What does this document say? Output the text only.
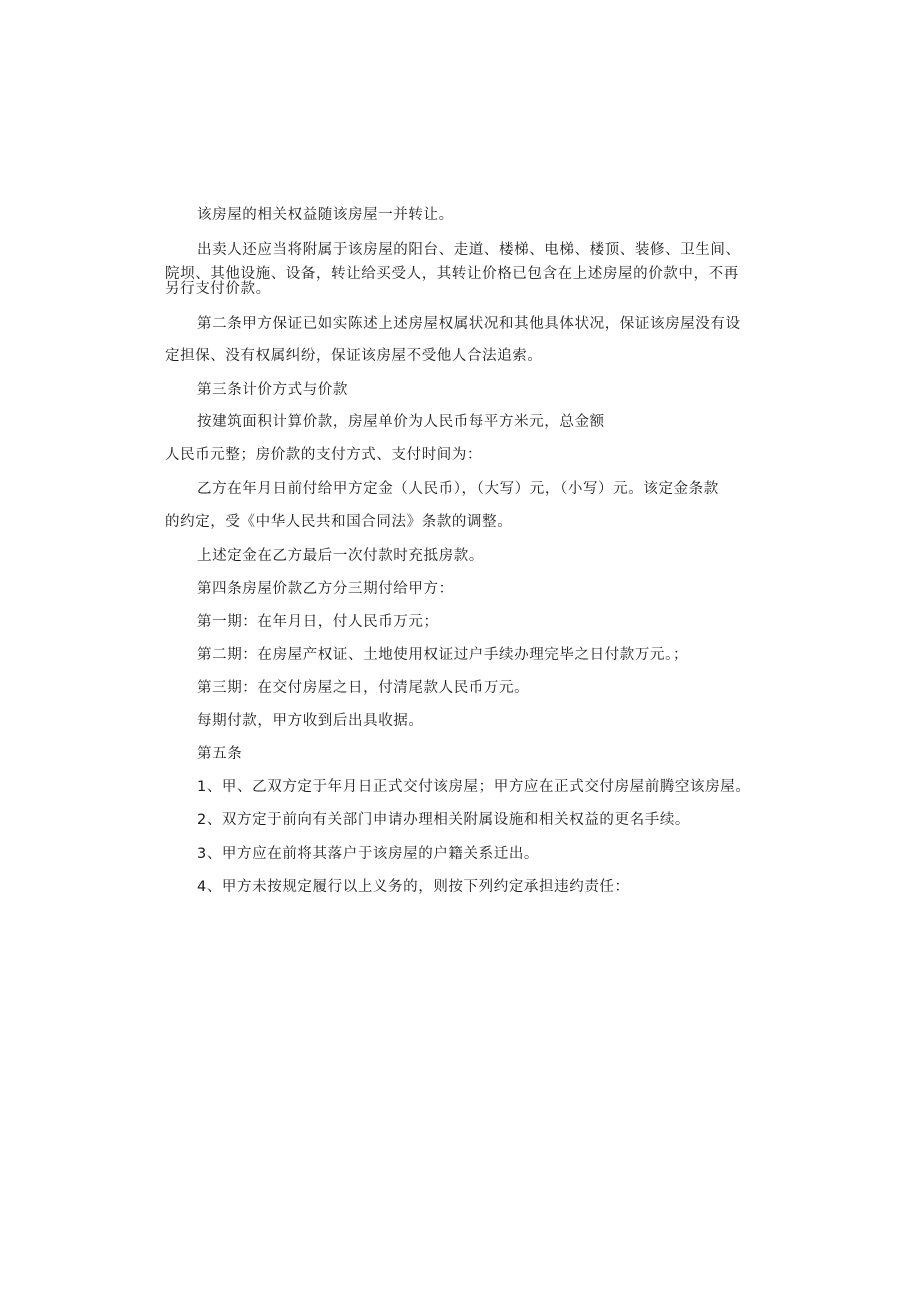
该房屋的相关权益随该房屋一并转让。
出卖人还应当将附属于该房屋的阳台、走道、楼梯、电梯、楼顶、装修、卫生间、
院坝、其他设施、设备，转让给买受人，其转让价格已包含在上述房屋的价款中，不再
另行支付价款。
第二条甲方保证已如实陈述上述房屋权属状况和其他具体状况，保证该房屋没有设
定担保、没有权属纠纷，保证该房屋不受他人合法追索。
第三条计价方式与价款
按建筑面积计算价款，房屋单价为人民币每平方米元，总金额
人民币元整；房价款的支付方式、支付时间为：
乙方在年月日前付给甲方定金（人民币），（大写）元，（小写）元。该定金条款
的约定，受《中华人民共和国合同法》条款的调整。
上述定金在乙方最后一次付款时充抵房款。
第四条房屋价款乙方分三期付给甲方：
第一期：在年月日，付人民币万元；
第二期：在房屋产权证、土地使用权证过户手续办理完毕之日付款万元。；
第三期：在交付房屋之日，付清尾款人民币万元。
每期付款，甲方收到后出具收据。
第五条
1、甲、乙双方定于年月日正式交付该房屋；甲方应在正式交付房屋前腾空该房屋。
2、双方定于前向有关部门申请办理相关附属设施和相关权益的更名手续。
3、甲方应在前将其落户于该房屋的户籍关系迁出。
4、甲方未按规定履行以上义务的，则按下列约定承担违约责任：
